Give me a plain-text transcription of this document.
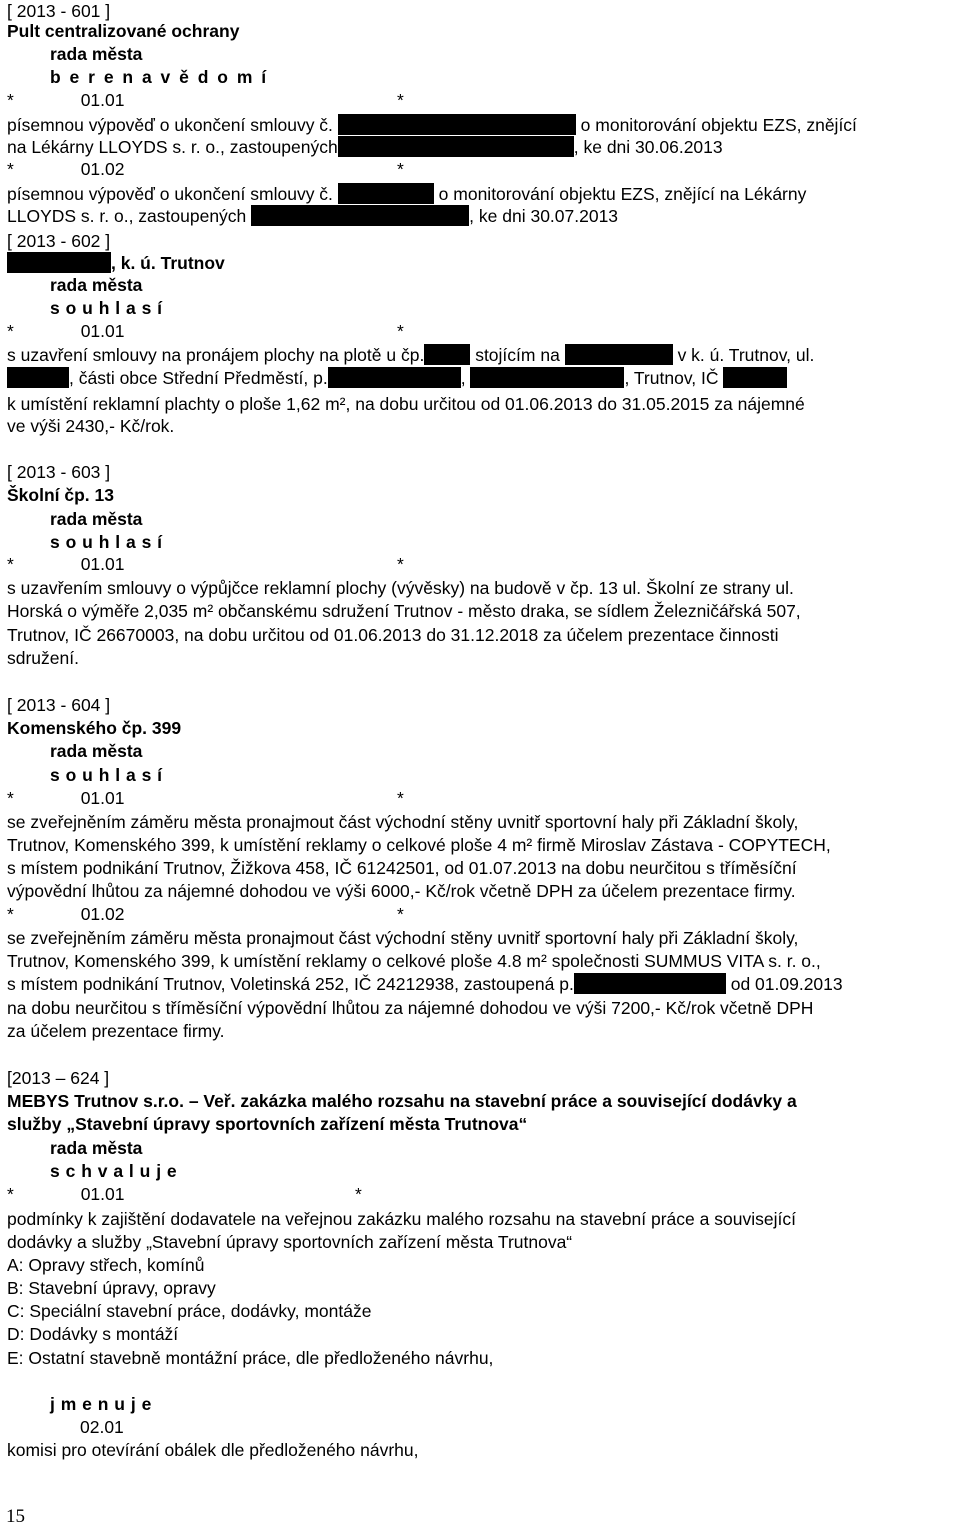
[ 2013 - 601 ]
Pult centralizované ochrany
rada města
b e r e n a v ě d o m í
*	01.01	*
písemnou výpověď o ukončení smlouvy č.	o monitorování objektu EZS, znějící
na Lékárny LLOYDS s. r. o., zastoupených	, ke dni 30.06.2013
*	01.02	*
písemnou výpověď o ukončení smlouvy č.	o monitorování objektu EZS, znějící na Lékárny
LLOYDS s. r. o., zastoupených	, ke dni 30.07.2013
[ 2013 - 602 ]
, k. ú. Trutnov
rada města
s o u h l a s í
*	01.01	*
s uzavření smlouvy na pronájem plochy na plotě u čp.	stojícím na	v k. ú. Trutnov, ul.
, části obce Střední Předměstí, p.	,	, Trutnov, IČ
k umístění reklamní plachty o ploše 1,62 m², na dobu určitou od 01.06.2013 do 31.05.2015 za nájemné
ve výši 2430,- Kč/rok.
[ 2013 - 603 ]
Školní čp. 13
rada města
s o u h l a s í
*	01.01	*
s uzavřením smlouvy o výpůjčce reklamní plochy (vývěsky) na budově v čp. 13 ul. Školní ze strany ul.
Horská o výměře 2,035 m² občanskému sdružení Trutnov - město draka, se sídlem Železničářská 507,
Trutnov, IČ 26670003, na dobu určitou od 01.06.2013 do 31.12.2018 za účelem prezentace činnosti
sdružení.
[ 2013 - 604 ]
Komenského čp. 399
rada města
s o u h l a s í
*	01.01	*
se zveřejněním záměru města pronajmout část východní stěny uvnitř sportovní haly při Základní školy,
Trutnov, Komenského 399, k umístění reklamy o celkové ploše 4 m² firmě Miroslav Zástava - COPYTECH,
s místem podnikání Trutnov, Žižkova 458, IČ 61242501, od 01.07.2013 na dobu neurčitou s tříměsíční
výpovědní lhůtou za nájemné dohodou ve výši 6000,- Kč/rok včetně DPH za účelem prezentace firmy.
*	01.02	*
se zveřejněním záměru města pronajmout část východní stěny uvnitř sportovní haly při Základní školy,
Trutnov, Komenského 399, k umístění reklamy o celkové ploše 4.8 m² společnosti SUMMUS VITA s. r. o.,
s místem podnikání Trutnov, Voletinská 252, IČ 24212938, zastoupená p.	od 01.09.2013
na dobu neurčitou s tříměsíční výpovědní lhůtou za nájemné dohodou ve výši 7200,- Kč/rok včetně DPH
za účelem prezentace firmy.
[2013 – 624 ]
MEBYS Trutnov s.r.o. – Veř. zakázka malého rozsahu na stavební práce a související dodávky a
služby „Stavební úpravy sportovních zařízení města Trutnova“
rada města
s c h v a l u j e
*	01.01	*
podmínky k zajištění dodavatele na veřejnou zakázku malého rozsahu na stavební práce a související
dodávky a služby „Stavební úpravy sportovních zařízení města Trutnova“
A: Opravy střech, komínů
B: Stavební úpravy, opravy
C: Speciální stavební práce, dodávky, montáže
D: Dodávky s montáží
E: Ostatní stavebně montážní práce, dle předloženého návrhu,
j m e n u j e
02.01
komisi pro otevírání obálek dle předloženého návrhu,
15
